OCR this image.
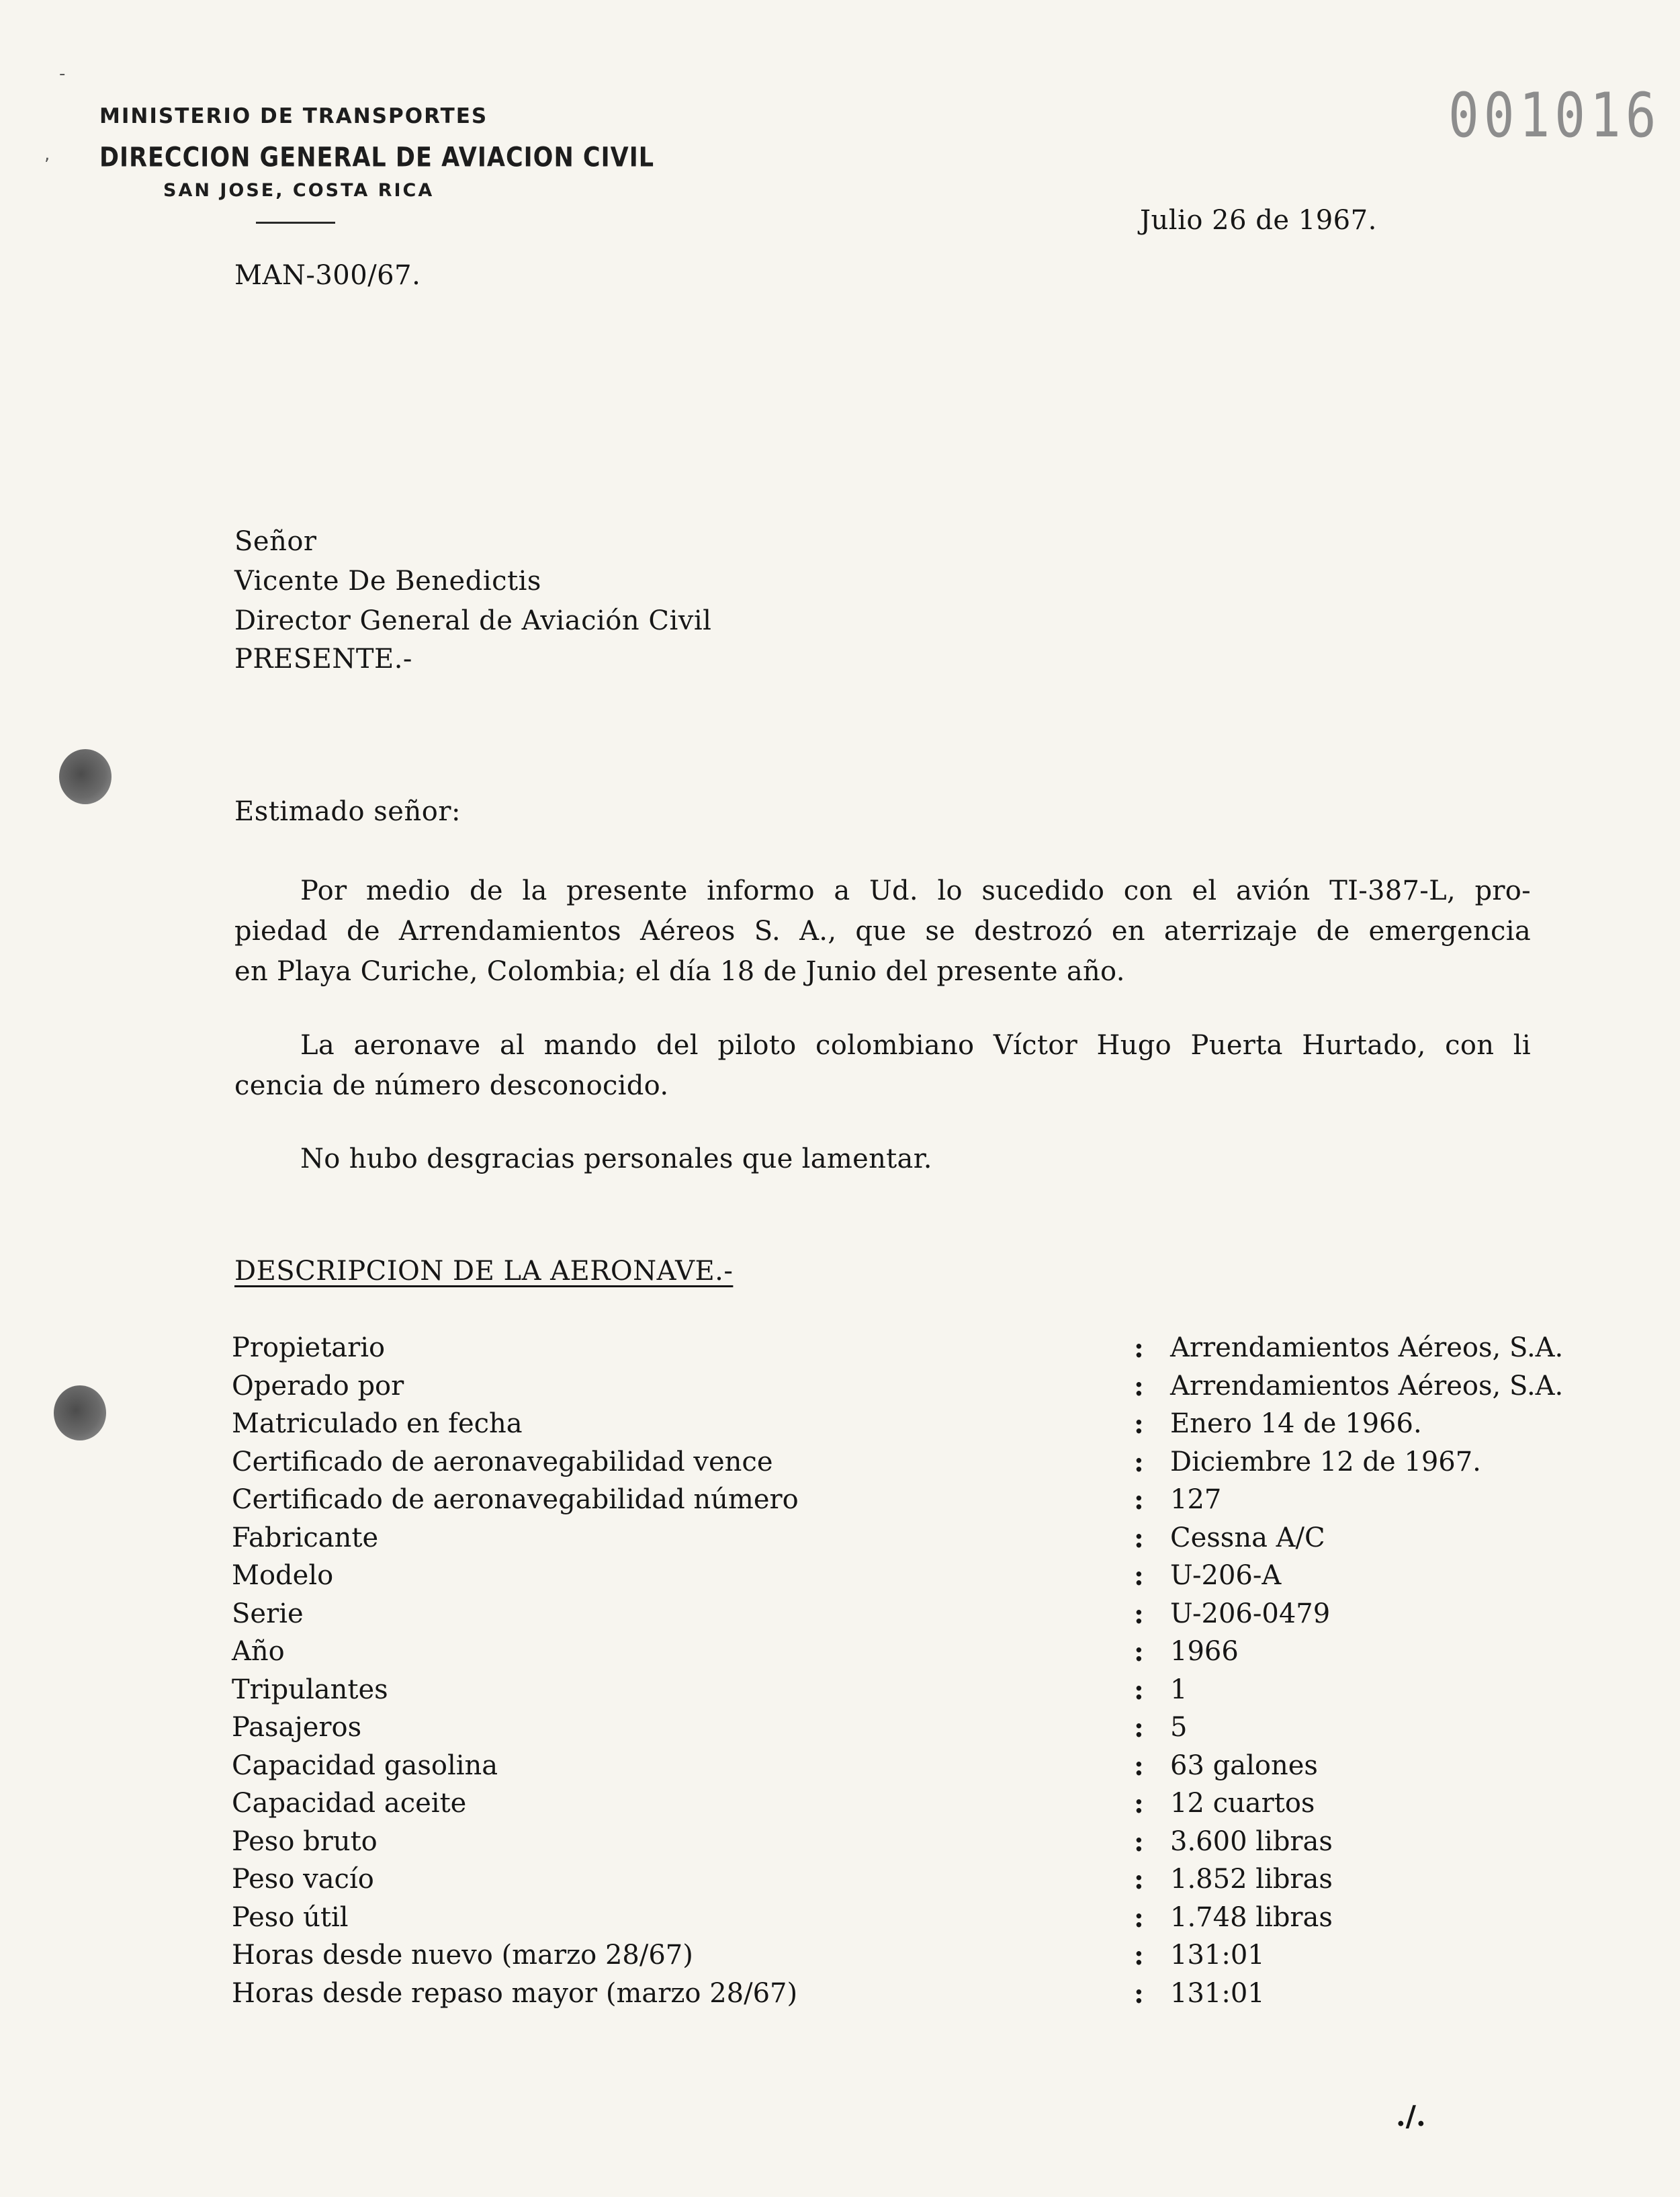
-
,
MINISTERIO DE TRANSPORTES
DIRECCION GENERAL DE AVIACION CIVIL
SAN JOSE, COSTA RICA
001016
Julio 26 de 1967.
MAN-300/67.
Señor
Vicente De Benedictis
Director General de Aviación Civil
PRESENTE.-
Estimado señor:
Por medio de la presente informo a Ud. lo sucedido con el avión TI-387-L, pro-
piedad de Arrendamientos Aéreos S. A., que se destrozó en aterrizaje de emergencia
en Playa Curiche, Colombia; el día 18 de Junio del presente año.
La aeronave al mando del piloto colombiano Víctor Hugo Puerta Hurtado, con li
cencia de número desconocido.
No hubo desgracias personales que lamentar.
DESCRIPCION DE LA AERONAVE.-
Propietario	: Arrendamientos Aéreos, S.A.
Operado por	: Arrendamientos Aéreos, S.A.
Matriculado en fecha	: Enero 14 de 1966.
Certificado de aeronavegabilidad vence	: Diciembre 12 de 1967.
Certificado de aeronavegabilidad número	: 127
Fabricante	: Cessna A/C
Modelo	: U-206-A
Serie	: U-206-0479
Año	: 1966
Tripulantes	: 1
Pasajeros	: 5
Capacidad gasolina	: 63 galones
Capacidad aceite	: 12 cuartos
Peso bruto	: 3.600 libras
Peso vacío	: 1.852 libras
Peso útil	: 1.748 libras
Horas desde nuevo (marzo 28/67)	: 131:01
Horas desde repaso mayor (marzo 28/67)	: 131:01
./.
